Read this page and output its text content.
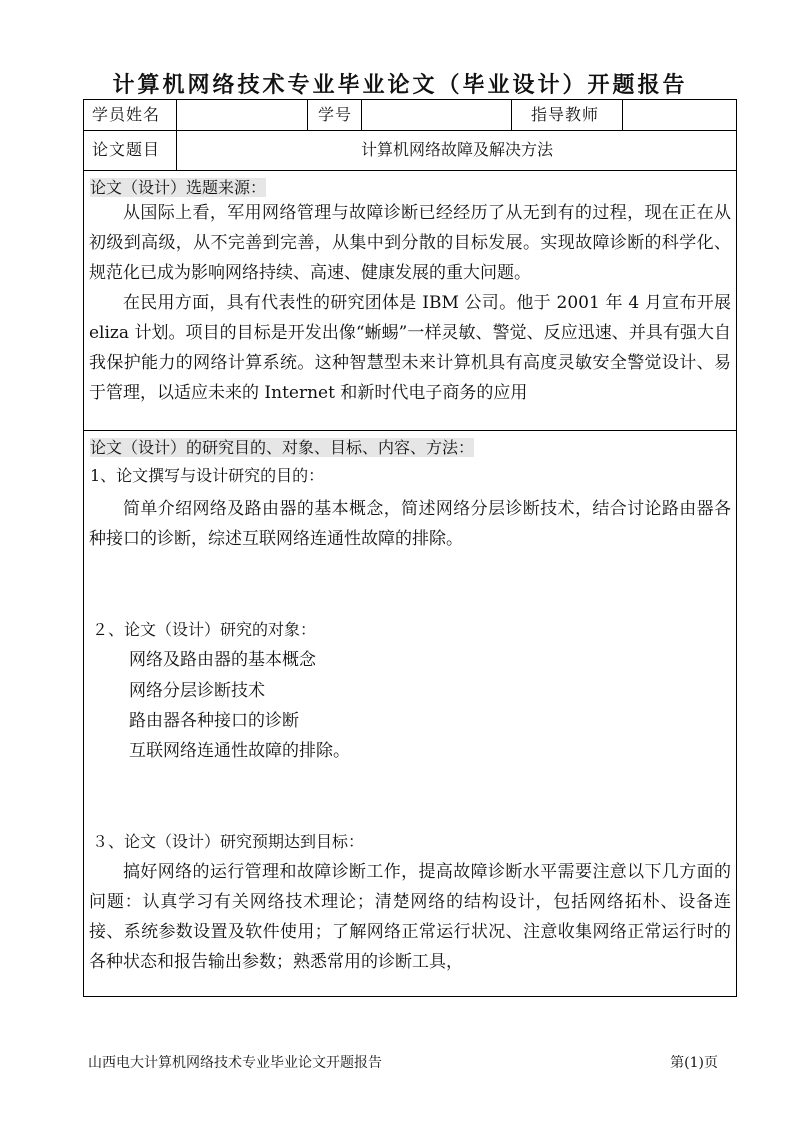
计算机网络技术专业毕业论文（毕业设计）开题报告
学员姓名	学号	指导教师
论文题目	计算机网络故障及解决方法
论文（设计）选题来源：

从国际上看，军用网络管理与故障诊断已经经历了从无到有的过程，现在正在从初级到高级，从不完善到完善，从集中到分散的目标发展。实现故障诊断的科学化、规范化已成为影响网络持续、高速、健康发展的重大问题。

在民用方面，具有代表性的研究团体是 IBM 公司。他于 2001 年 4 月宣布开展 eliza 计划。项目的目标是开发出像“蜥蜴”一样灵敏、警觉、反应迅速、并具有强大自我保护能力的网络计算系统。这种智慧型未来计算机具有高度灵敏安全警觉设计、易于管理，以适应未来的 Internet 和新时代电子商务的应用

论文（设计）的研究目的、对象、目标、内容、方法：
1、论文撰写与设计研究的目的：

简单介绍网络及路由器的基本概念，简述网络分层诊断技术，结合讨论路由器各种接口的诊断，综述互联网络连通性故障的排除。

２、论文（设计）研究的对象：
网络及路由器的基本概念
网络分层诊断技术
路由器各种接口的诊断
互联网络连通性故障的排除。
３、论文（设计）研究预期达到目标：

搞好网络的运行管理和故障诊断工作，提高故障诊断水平需要注意以下几方面的问题：认真学习有关网络技术理论；清楚网络的结构设计，包括网络拓朴、设备连接、系统参数设置及软件使用；了解网络正常运行状况、注意收集网络正常运行时的各种状态和报告输出参数；熟悉常用的诊断工具，

山西电大计算机网络技术专业毕业论文开题报告	第(1)页
